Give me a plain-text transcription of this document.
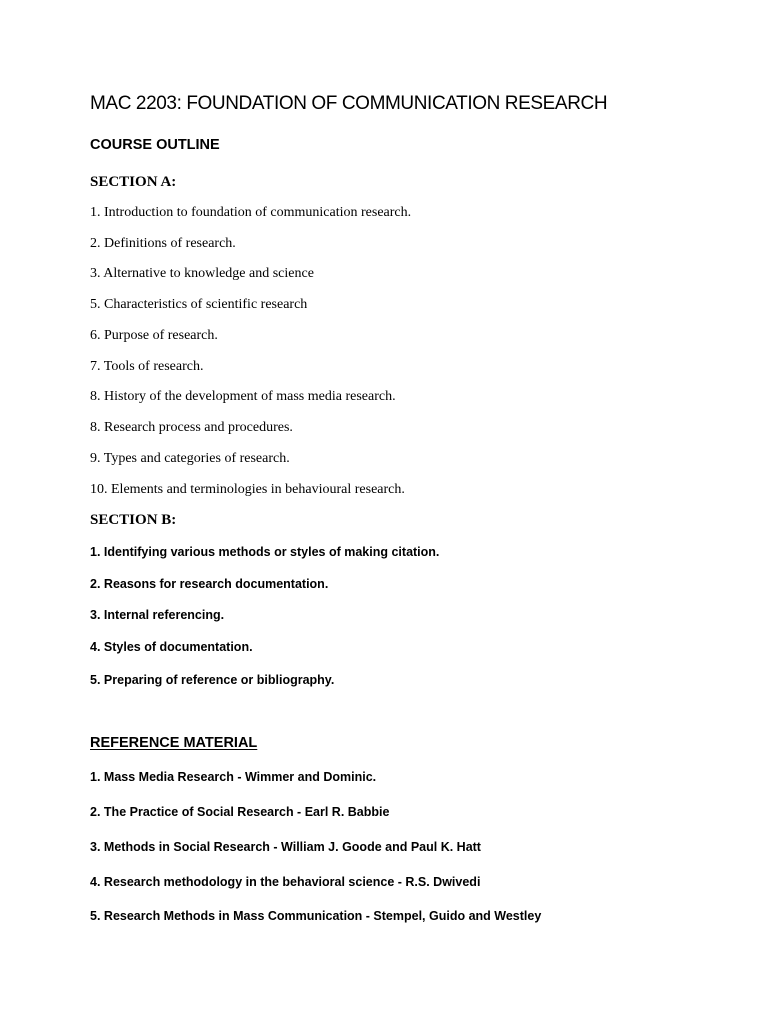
MAC 2203: FOUNDATION OF COMMUNICATION RESEARCH
COURSE OUTLINE
SECTION A:
1. Introduction to foundation of communication research.
2. Definitions of research.
3. Alternative to knowledge and science
5. Characteristics of scientific research
6. Purpose of research.
7. Tools of research.
8. History of the development of mass media research.
8. Research process and procedures.
9. Types and categories of research.
10. Elements and terminologies in behavioural research.
SECTION B:
1. Identifying various methods or styles of making citation.
2. Reasons for research documentation.
3. Internal referencing.
4. Styles of documentation.
5. Preparing of reference or bibliography.
REFERENCE MATERIAL
1. Mass Media Research - Wimmer and Dominic.
2. The Practice of Social Research - Earl R. Babbie
3. Methods in Social Research - William J. Goode and Paul K. Hatt
4. Research methodology in the behavioral science - R.S. Dwivedi
5. Research Methods in Mass Communication - Stempel, Guido and Westley
